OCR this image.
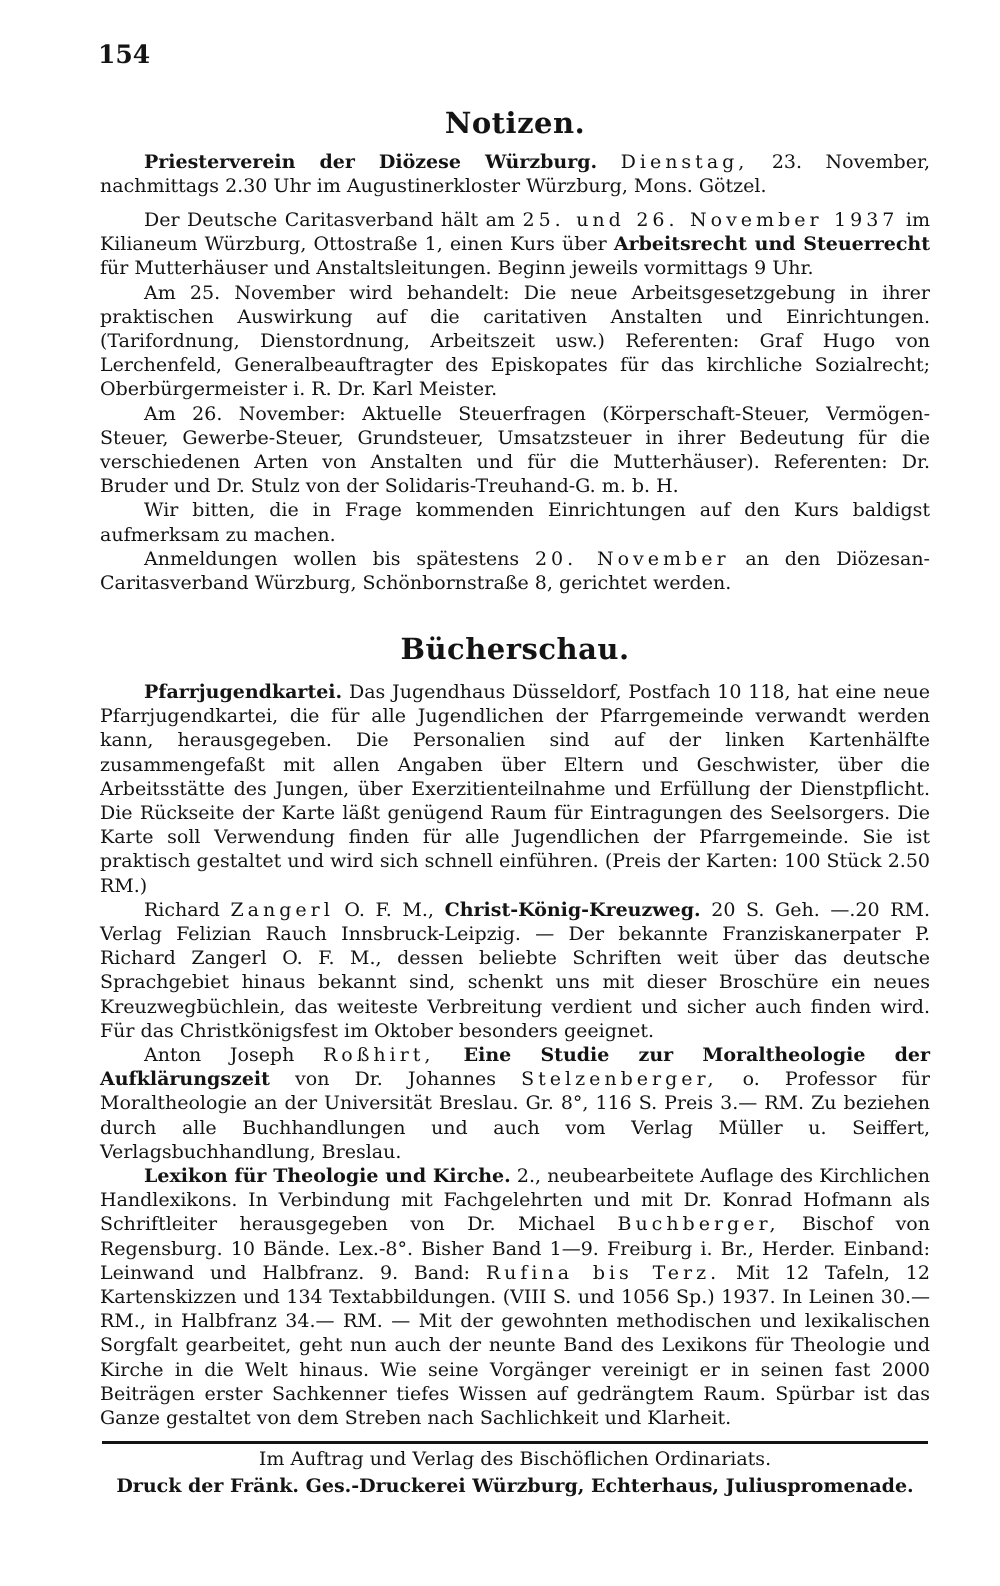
154
Notizen.

Priesterverein der Diözese Würzburg. Dienstag, 23. November, nachmittags 2.30 Uhr im Augustinerkloster Würzburg, Mons. Götzel.

Der Deutsche Caritasverband hält am 25. und 26. November 1937 im Kilianeum Würzburg, Ottostraße 1, einen Kurs über Arbeitsrecht und Steuerrecht für Mutterhäuser und Anstaltsleitungen. Beginn jeweils vormittags 9 Uhr.

Am 25. November wird behandelt: Die neue Arbeitsgesetzgebung in ihrer praktischen Auswirkung auf die caritativen Anstalten und Einrichtungen. (Tarifordnung, Dienstordnung, Arbeitszeit usw.) Referenten: Graf Hugo von Lerchenfeld, Generalbeauftragter des Episkopates für das kirchliche Sozialrecht; Oberbürgermeister i. R. Dr. Karl Meister.

Am 26. November: Aktuelle Steuerfragen (Körperschaft-Steuer, Vermögen-Steuer, Gewerbe-Steuer, Grundsteuer, Umsatzsteuer in ihrer Bedeutung für die verschiedenen Arten von Anstalten und für die Mutterhäuser). Referenten: Dr. Bruder und Dr. Stulz von der Solidaris-Treuhand-G. m. b. H.

Wir bitten, die in Frage kommenden Einrichtungen auf den Kurs baldigst aufmerksam zu machen.

Anmeldungen wollen bis spätestens 20. November an den Diözesan-Caritasverband Würzburg, Schönbornstraße 8, gerichtet werden.

Bücherschau.

Pfarrjugendkartei. Das Jugendhaus Düsseldorf, Postfach 10 118, hat eine neue Pfarrjugendkartei, die für alle Jugendlichen der Pfarrgemeinde verwandt werden kann, herausgegeben. Die Personalien sind auf der linken Kartenhälfte zusammengefaßt mit allen Angaben über Eltern und Geschwister, über die Arbeitsstätte des Jungen, über Exerzitienteilnahme und Erfüllung der Dienstpflicht. Die Rückseite der Karte läßt genügend Raum für Eintragungen des Seelsorgers. Die Karte soll Verwendung finden für alle Jugendlichen der Pfarrgemeinde. Sie ist praktisch gestaltet und wird sich schnell einführen. (Preis der Karten: 100 Stück 2.50 RM.)

Richard Zangerl O. F. M., Christ-König-Kreuzweg. 20 S. Geh. —.20 RM. Verlag Felizian Rauch Innsbruck-Leipzig. — Der bekannte Franziskanerpater P. Richard Zangerl O. F. M., dessen beliebte Schriften weit über das deutsche Sprachgebiet hinaus bekannt sind, schenkt uns mit dieser Broschüre ein neues Kreuzwegbüchlein, das weiteste Verbreitung verdient und sicher auch finden wird. Für das Christkönigsfest im Oktober besonders geeignet.

Anton Joseph Roßhirt, Eine Studie zur Moraltheologie der Aufklärungszeit von Dr. Johannes Stelzenberger, o. Professor für Moraltheologie an der Universität Breslau. Gr. 8°, 116 S. Preis 3.— RM. Zu beziehen durch alle Buchhandlungen und auch vom Verlag Müller u. Seiffert, Verlagsbuchhandlung, Breslau.

Lexikon für Theologie und Kirche. 2., neubearbeitete Auflage des Kirchlichen Handlexikons. In Verbindung mit Fachgelehrten und mit Dr. Konrad Hofmann als Schriftleiter herausgegeben von Dr. Michael Buchberger, Bischof von Regensburg. 10 Bände. Lex.-8°. Bisher Band 1—9. Freiburg i. Br., Herder. Einband: Leinwand und Halbfranz. 9. Band: Rufina bis Terz. Mit 12 Tafeln, 12 Kartenskizzen und 134 Textabbildungen. (VIII S. und 1056 Sp.) 1937. In Leinen 30.— RM., in Halbfranz 34.— RM. — Mit der gewohnten methodischen und lexikalischen Sorgfalt gearbeitet, geht nun auch der neunte Band des Lexikons für Theologie und Kirche in die Welt hinaus. Wie seine Vorgänger vereinigt er in seinen fast 2000 Beiträgen erster Sachkenner tiefes Wissen auf gedrängtem Raum. Spürbar ist das Ganze gestaltet von dem Streben nach Sachlichkeit und Klarheit.

Im Auftrag und Verlag des Bischöflichen Ordinariats.
Druck der Fränk. Ges.-Druckerei Würzburg, Echterhaus, Juliuspromenade.
